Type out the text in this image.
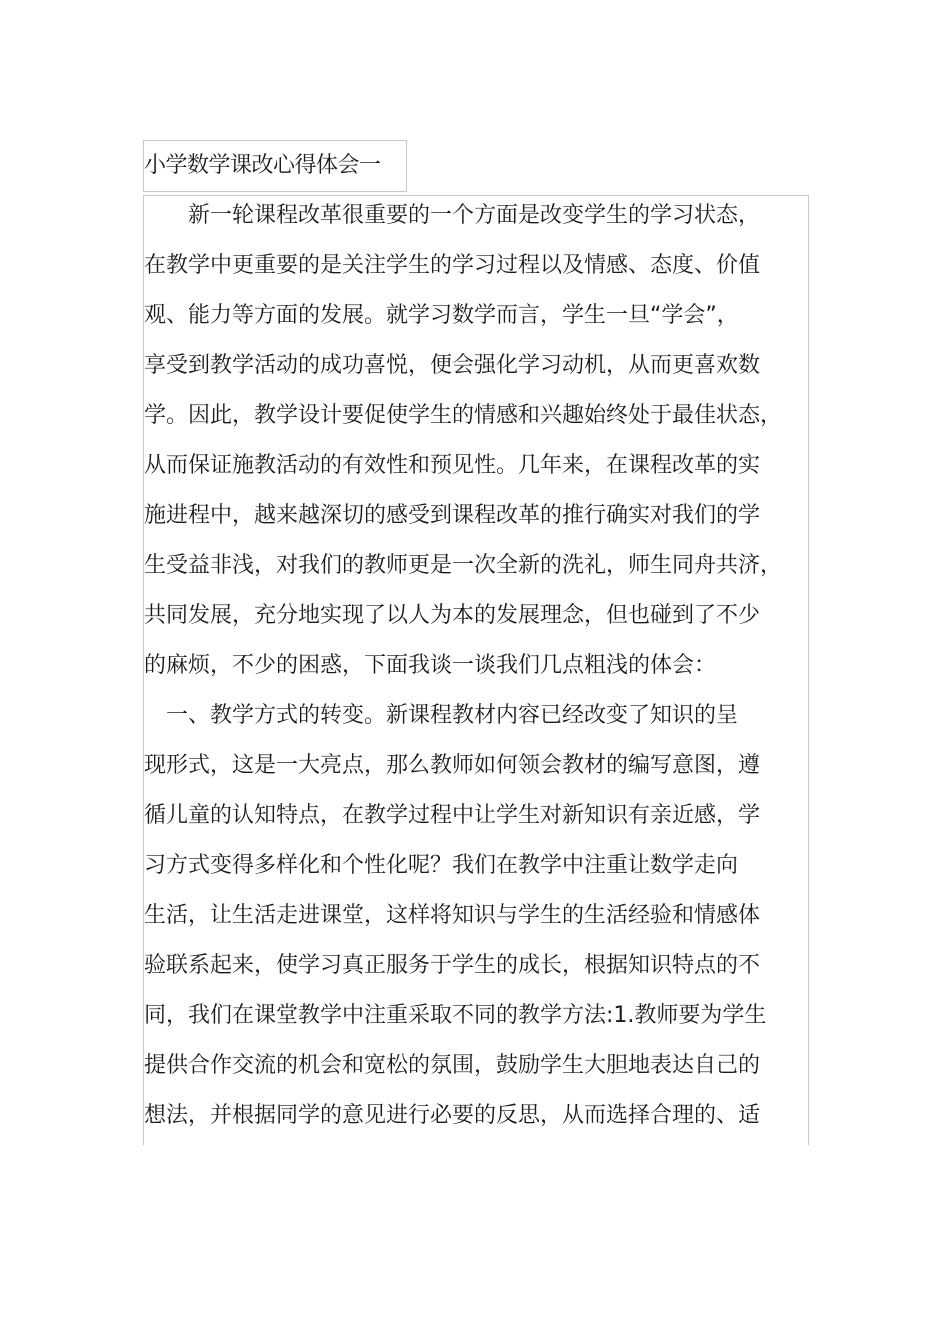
小学数学课改心得体会一
　　新一轮课程改革很重要的一个方面是改变学生的学习状态，
在教学中更重要的是关注学生的学习过程以及情感、态度、价值
观、能力等方面的发展。就学习数学而言，学生一旦“学会”，
享受到教学活动的成功喜悦，便会强化学习动机，从而更喜欢数
学。因此，教学设计要促使学生的情感和兴趣始终处于最佳状态，
从而保证施教活动的有效性和预见性。几年来，在课程改革的实
施进程中，越来越深切的感受到课程改革的推行确实对我们的学
生受益非浅，对我们的教师更是一次全新的洗礼，师生同舟共济，
共同发展，充分地实现了以人为本的发展理念，但也碰到了不少
的麻烦，不少的困惑，下面我谈一谈我们几点粗浅的体会：
　一、教学方式的转变。新课程教材内容已经改变了知识的呈
现形式，这是一大亮点，那么教师如何领会教材的编写意图，遵
循儿童的认知特点，在教学过程中让学生对新知识有亲近感，学
习方式变得多样化和个性化呢？我们在教学中注重让数学走向
生活，让生活走进课堂，这样将知识与学生的生活经验和情感体
验联系起来，使学习真正服务于学生的成长，根据知识特点的不
同，我们在课堂教学中注重采取不同的教学方法:1.教师要为学生
提供合作交流的机会和宽松的氛围，鼓励学生大胆地表达自己的
想法，并根据同学的意见进行必要的反思，从而选择合理的、适
